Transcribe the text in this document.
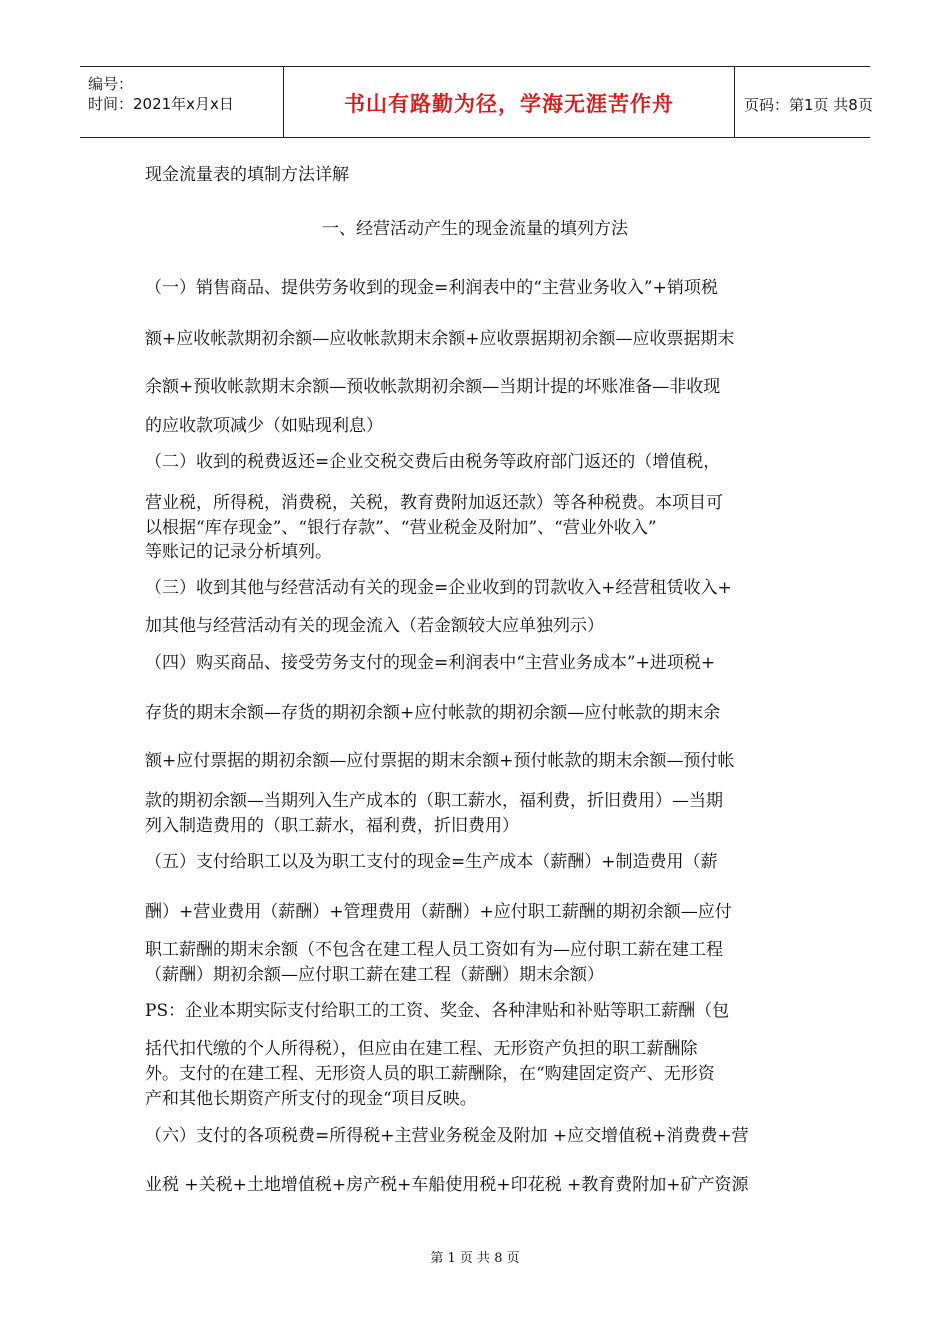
编号：
时间：2021年x月x日	书山有路勤为径，学海无涯苦作舟	页码：第1页 共8页
现金流量表的填制方法详解
一、经营活动产生的现金流量的填列方法
（一）销售商品、提供劳务收到的现金=利润表中的“主营业务收入”+销项税
额+应收帐款期初余额—应收帐款期末余额+应收票据期初余额—应收票据期末
余额+预收帐款期末余额—预收帐款期初余额—当期计提的坏账准备—非收现
的应收款项减少（如贴现利息）
（二）收到的税费返还=企业交税交费后由税务等政府部门返还的（增值税，
营业税，所得税，消费税，关税，教育费附加返还款）等各种税费。本项目可
以根据“库存现金”、“银行存款”、“营业税金及附加”、“营业外收入”
等账记的记录分析填列。
（三）收到其他与经营活动有关的现金=企业收到的罚款收入+经营租赁收入+
加其他与经营活动有关的现金流入（若金额较大应单独列示）
（四）购买商品、接受劳务支付的现金=利润表中“主营业务成本”+进项税+
存货的期末余额—存货的期初余额+应付帐款的期初余额—应付帐款的期末余
额+应付票据的期初余额—应付票据的期末余额+预付帐款的期末余额—预付帐
款的期初余额—当期列入生产成本的（职工薪水，福利费，折旧费用）—当期
列入制造费用的（职工薪水，福利费，折旧费用）
（五）支付给职工以及为职工支付的现金=生产成本（薪酬）+制造费用（薪
酬）+营业费用（薪酬）+管理费用（薪酬）+应付职工薪酬的期初余额—应付
职工薪酬的期末余额（不包含在建工程人员工资如有为—应付职工薪在建工程
（薪酬）期初余额—应付职工薪在建工程（薪酬）期末余额）
PS：企业本期实际支付给职工的工资、奖金、各种津贴和补贴等职工薪酬（包
括代扣代缴的个人所得税），但应由在建工程、无形资产负担的职工薪酬除
外。支付的在建工程、无形资人员的职工薪酬除，在“购建固定资产、无形资
产和其他长期资产所支付的现金“项目反映。
（六）支付的各项税费=所得税+主营业务税金及附加 +应交增值税+消费费+营
业税 +关税+土地增值税+房产税+车船使用税+印花税 +教育费附加+矿产资源
第 1 页 共 8 页
